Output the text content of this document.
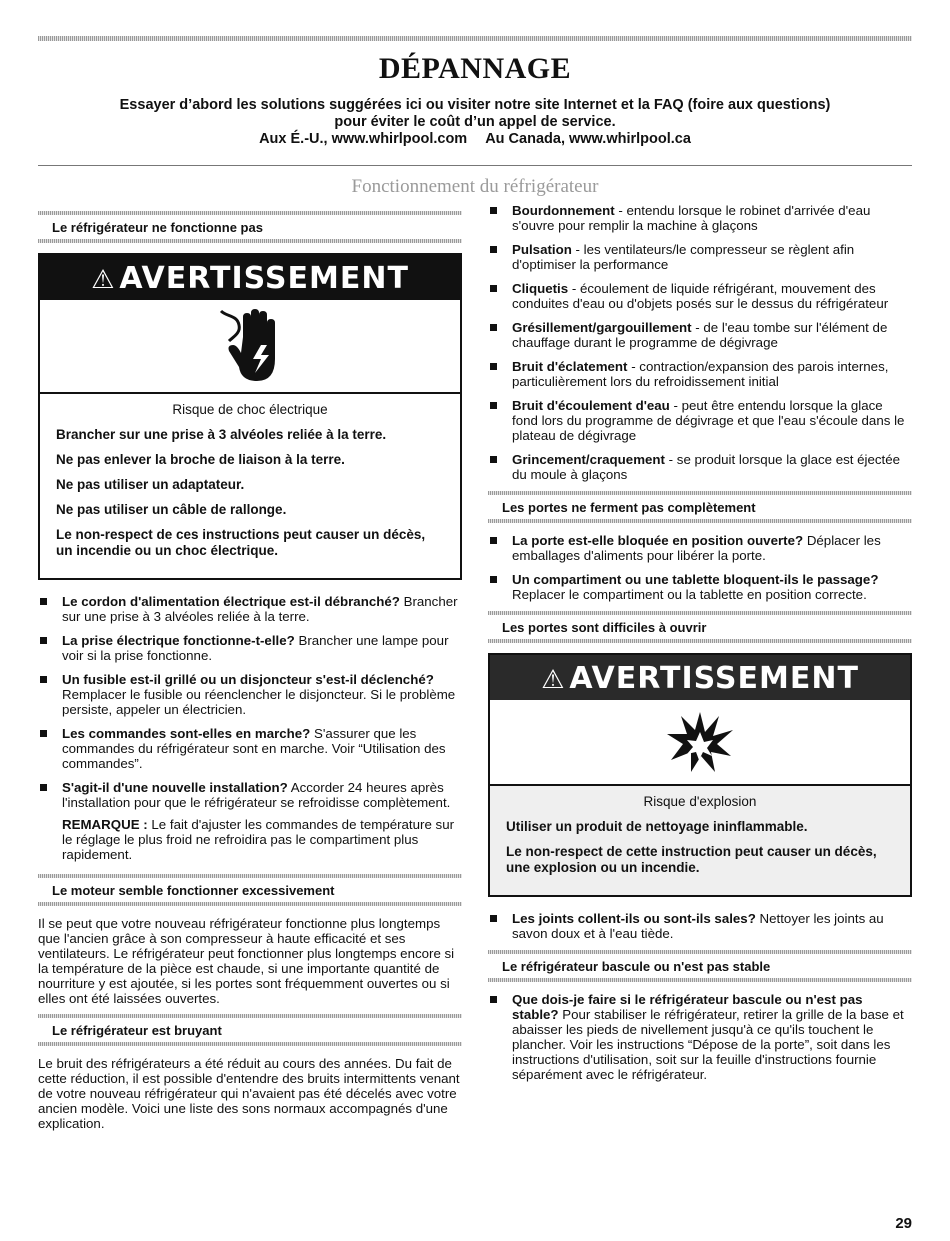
DÉPANNAGE
Essayer d’abord les solutions suggérées ici ou visiter notre site Internet et la FAQ (foire aux questions)
pour éviter le coût d’un appel de service.
Aux É.-U., www.whirlpool.com Au Canada, www.whirlpool.ca
Fonctionnement du réfrigérateur
Le réfrigérateur ne fonctionne pas
⚠ AVERTISSEMENT
Risque de choc électrique
Brancher sur une prise à 3 alvéoles reliée à la terre.
Ne pas enlever la broche de liaison à la terre.
Ne pas utiliser un adaptateur.
Ne pas utiliser un câble de rallonge.
Le non-respect de ces instructions peut causer un décès, un incendie ou un choc électrique.
Le cordon d'alimentation électrique est-il débranché? Brancher sur une prise à 3 alvéoles reliée à la terre.
La prise électrique fonctionne-t-elle? Brancher une lampe pour voir si la prise fonctionne.
Un fusible est-il grillé ou un disjoncteur s'est-il déclenché? Remplacer le fusible ou réenclencher le disjoncteur. Si le problème persiste, appeler un électricien.
Les commandes sont-elles en marche? S'assurer que les commandes du réfrigérateur sont en marche. Voir “Utilisation des commandes”.
S'agit-il d'une nouvelle installation? Accorder 24 heures après l'installation pour que le réfrigérateur se refroidisse complètement.
REMARQUE : Le fait d'ajuster les commandes de température sur le réglage le plus froid ne refroidira pas le compartiment plus rapidement.
Le moteur semble fonctionner excessivement
Il se peut que votre nouveau réfrigérateur fonctionne plus longtemps que l'ancien grâce à son compresseur à haute efficacité et ses ventilateurs. Le réfrigérateur peut fonctionner plus longtemps encore si la température de la pièce est chaude, si une importante quantité de nourriture y est ajoutée, si les portes sont fréquemment ouvertes ou si elles ont été laissées ouvertes.
Le réfrigérateur est bruyant
Le bruit des réfrigérateurs a été réduit au cours des années. Du fait de cette réduction, il est possible d'entendre des bruits intermittents venant de votre nouveau réfrigérateur qui n'avaient pas été décelés avec votre ancien modèle. Voici une liste des sons normaux accompagnés d'une explication.
Bourdonnement - entendu lorsque le robinet d'arrivée d'eau s'ouvre pour remplir la machine à glaçons
Pulsation - les ventilateurs/le compresseur se règlent afin d'optimiser la performance
Cliquetis - écoulement de liquide réfrigérant, mouvement des conduites d'eau ou d'objets posés sur le dessus du réfrigérateur
Grésillement/gargouillement - de l'eau tombe sur l'élément de chauffage durant le programme de dégivrage
Bruit d'éclatement - contraction/expansion des parois internes, particulièrement lors du refroidissement initial
Bruit d'écoulement d'eau - peut être entendu lorsque la glace fond lors du programme de dégivrage et que l'eau s'écoule dans le plateau de dégivrage
Grincement/craquement - se produit lorsque la glace est éjectée du moule à glaçons
Les portes ne ferment pas complètement
La porte est-elle bloquée en position ouverte? Déplacer les emballages d'aliments pour libérer la porte.
Un compartiment ou une tablette bloquent-ils le passage? Replacer le compartiment ou la tablette en position correcte.
Les portes sont difficiles à ouvrir
⚠ AVERTISSEMENT
Risque d'explosion
Utiliser un produit de nettoyage ininflammable.
Le non-respect de cette instruction peut causer un décès, une explosion ou un incendie.
Les joints collent-ils ou sont-ils sales? Nettoyer les joints au savon doux et à l'eau tiède.
Le réfrigérateur bascule ou n'est pas stable
Que dois-je faire si le réfrigérateur bascule ou n'est pas stable? Pour stabiliser le réfrigérateur, retirer la grille de la base et abaisser les pieds de nivellement jusqu'à ce qu'ils touchent le plancher. Voir les instructions “Dépose de la porte”, soit dans les instructions d'utilisation, soit sur la feuille d'instructions fournie séparément avec le réfrigérateur.
29
